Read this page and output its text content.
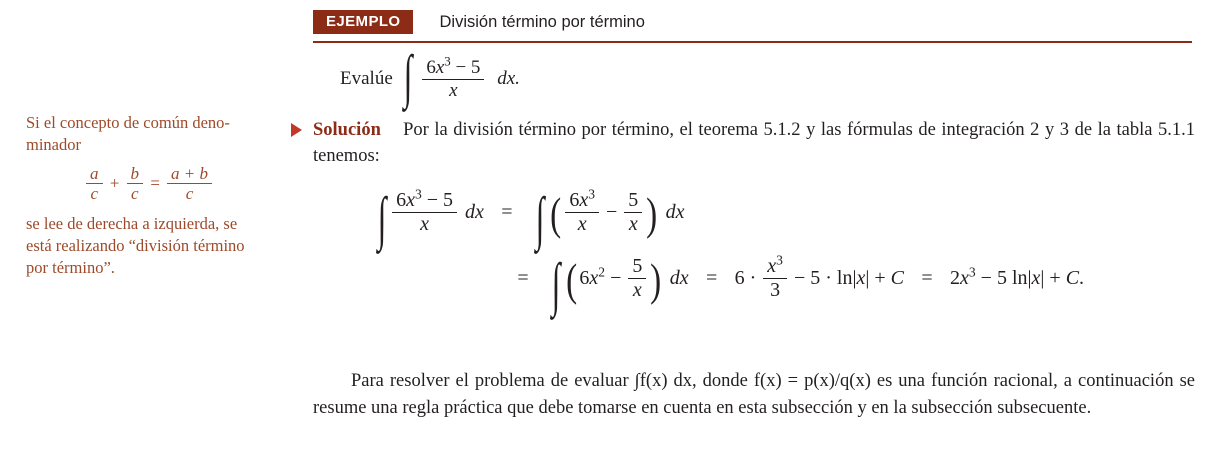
Si el concepto de común deno-
minador
$\frac{a}{c} + \frac{b}{c} = \frac{a + b}{c}$
se lee de derecha a izquierda, se
está realizando “división término
por término”.
EJEMPLO División término por término
Evalúe ∫ $\frac{6x^3 - 5}{x}$ dx.
Solución Por la división término por término, el teorema 5.1.2 y las fórmulas de integración 2 y 3 de la tabla 5.1.1 tenemos:
∫ $\frac{6x^3 - 5}{x}$ dx = ∫ ( $\frac{6x^3}{x} - \frac{5}{x}$ ) dx
= ∫ ( $6x^2 - \frac{5}{x}$ ) dx = $6 \cdot \frac{x^3}{3} - 5 \cdot \ln|x| + C = 2x^3 - 5$ ln|x| + C.
Para resolver el problema de evaluar ∫f(x) dx, donde f(x) = p(x)/q(x) es una función racional, a continuación se resume una regla práctica que debe tomarse en cuenta en esta subsección y en la subsección subsecuente.
